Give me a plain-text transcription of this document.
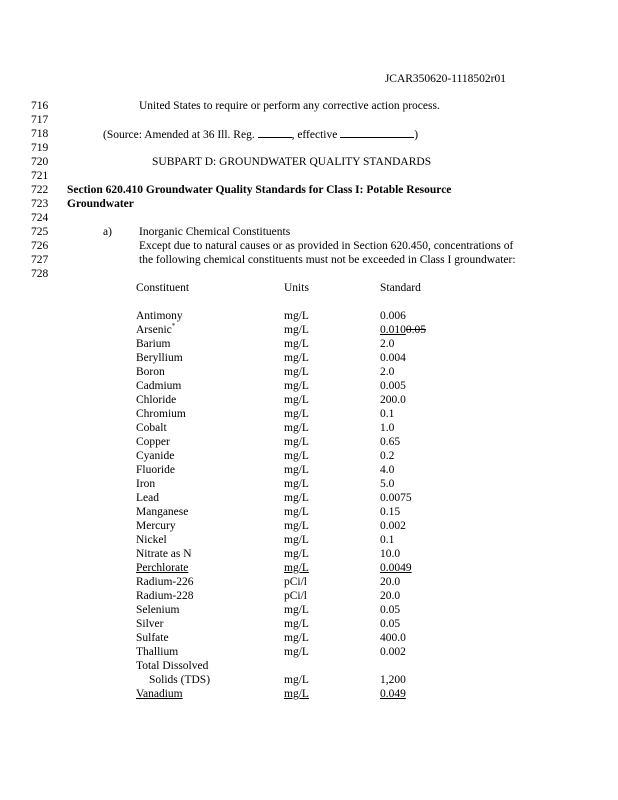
JCAR350620-1118502r01
716
717
718
719
720
721
722
723
724
725
726
727
728
United States to require or perform any corrective action process.
(Source: Amended at 36 Ill. Reg.	, effective	)
SUBPART D: GROUNDWATER QUALITY STANDARDS
Section 620.410 Groundwater Quality Standards for Class I: Potable Resource
Groundwater
a) Inorganic Chemical Constituents
Except due to natural causes or as provided in Section 620.450, concentrations of
the following chemical constituents must not be exceeded in Class I groundwater:
Constituent	Units	Standard
Antimony	mg/L	0.006
Arsenic*	mg/L	0.0100.05
Barium	mg/L	2.0
Beryllium	mg/L	0.004
Boron	mg/L	2.0
Cadmium	mg/L	0.005
Chloride	mg/L	200.0
Chromium	mg/L	0.1
Cobalt	mg/L	1.0
Copper	mg/L	0.65
Cyanide	mg/L	0.2
Fluoride	mg/L	4.0
Iron	mg/L	5.0
Lead	mg/L	0.0075
Manganese	mg/L	0.15
Mercury	mg/L	0.002
Nickel	mg/L	0.1
Nitrate as N	mg/L	10.0
Perchlorate	mg/L	0.0049
Radium-226	pCi/l	20.0
Radium-228	pCi/l	20.0
Selenium	mg/L	0.05
Silver	mg/L	0.05
Sulfate	mg/L	400.0
Thallium	mg/L	0.002
Total Dissolved
Solids (TDS)	mg/L	1,200
Vanadium	mg/L	0.049
